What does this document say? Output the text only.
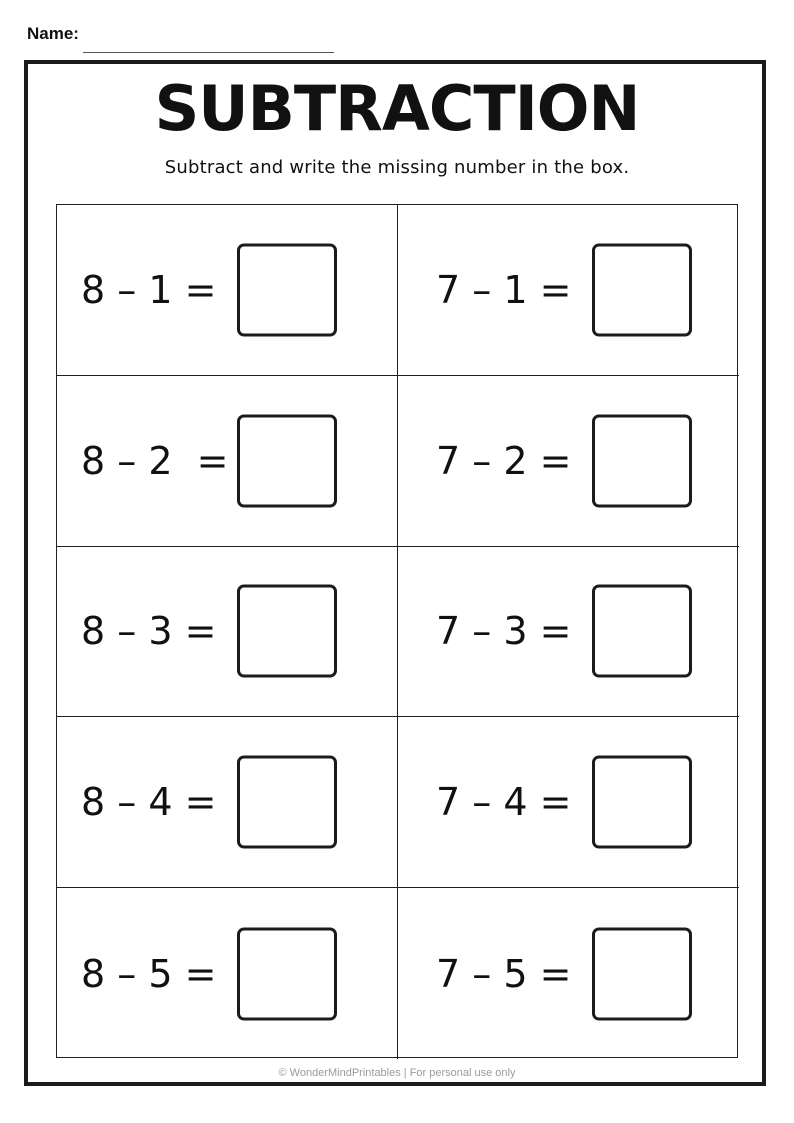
Name:
SUBTRACTION
Subtract and write the missing number in the box.
8 – 1 =	7 – 1 =
8 – 2  =	7 – 2 =
8 – 3 =	7 – 3 =
8 – 4 =	7 – 4 =
8 – 5 =	7 – 5 =
© WonderMindPrintables | For personal use only
